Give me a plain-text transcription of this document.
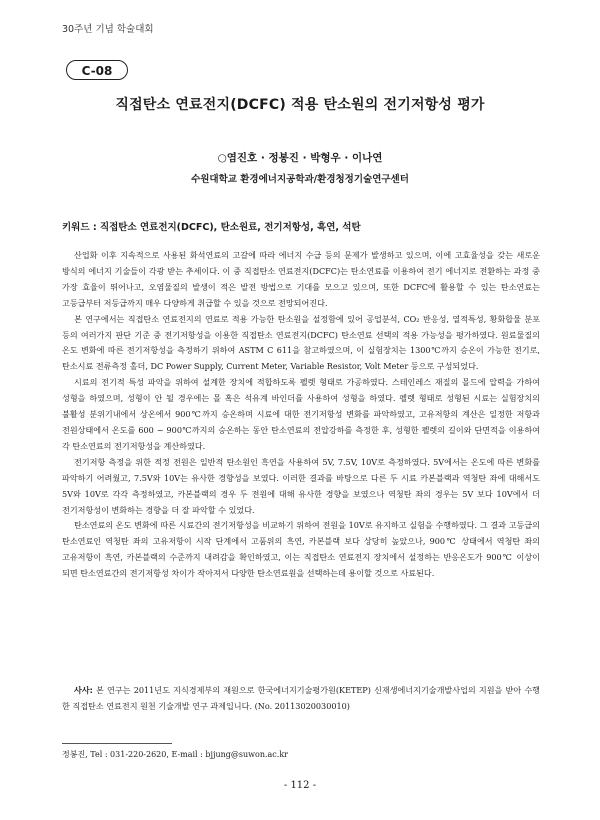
30주년 기념 학술대회
C-08
직접탄소 연료전지(DCFC) 적용 탄소원의 전기저항성 평가
○염진호 · 정봉진 · 박형우 · 이나연
수원대학교 환경에너지공학과/환경청정기술연구센터
키워드 : 직접탄소 연료전지(DCFC), 탄소원료, 전기저항성, 흑연, 석탄

산업화 이후 지속적으로 사용된 화석연료의 고갈에 따라 에너지 수급 등의 문제가 발생하고 있으며, 이에 고효율성을 갖는 새로운 방식의 에너지 기술들이 각광 받는 추세이다. 이 중 직접탄소 연료전지(DCFC)는 탄소연료를 이용하여 전기 에너지로 전환하는 과정 중 가장 효율이 뛰어나고, 오염물질의 발생이 적은 발전 방법으로 기대를 모으고 있으며, 또한 DCFC에 활용할 수 있는 탄소연료는 고등급부터 저등급까지 매우 다양하게 취급할 수 있을 것으로 전망되어진다.

본 연구에서는 직접탄소 연료전지의 연료로 적용 가능한 탄소원을 설정함에 있어 공업분석, CO₂ 반응성, 열적특성, 황화합물 분포 등의 여러가지 판단 기준 중 전기저항성을 이용한 직접탄소 연료전지(DCFC) 탄소연료 선택의 적용 가능성을 평가하였다. 원료물질의 온도 변화에 따른 전기저항성을 측정하기 위하여 ASTM C 611을 참고하였으며, 이 실험장치는 1300℃까지 승온이 가능한 전기로, 탄소시료 전류측정 홀더, DC Power Supply, Current Meter, Variable Resistor, Volt Meter 등으로 구성되었다.

시료의 전기적 특성 파악을 위하여 설계한 장치에 적합하도록 펠렛 형태로 가공하였다. 스테인레스 재질의 몰드에 압력을 가하여 성형을 하였으며, 성형이 안 될 경우에는 몰 혹은 석유계 바인더를 사용하여 성형을 하였다. 펠렛 형태로 성형된 시료는 실험장치의 불활성 분위기내에서 상온에서 900℃까지 승온하며 시료에 대한 전기저항성 변화를 파악하였고, 고유저항의 계산은 일정한 저항과 전원상태에서 온도를 600 ~ 900℃까지의 승온하는 동안 탄소연료의 전압강하를 측정한 후, 성형한 펠렛의 길이와 단면적을 이용하여 각 탄소연료의 전기저항성을 계산하였다.

전기저항 측정을 위한 적정 전원은 일반적 탄소원인 흑연을 사용하여 5V, 7.5V, 10V로 측정하였다. 5V에서는 온도에 따른 변화를 파악하기 어려웠고, 7.5V와 10V는 유사한 경향성을 보였다. 이러한 결과를 바탕으로 다른 두 시료 카본블랙과 역청탄 좌에 대해서도 5V와 10V로 각각 측정하였고, 카본블랙의 경우 두 전원에 대해 유사한 경향을 보였으나 역청탄 좌의 경우는 5V 보다 10V에서 더 전기저항성이 변화하는 경향을 더 잘 파악할 수 있었다.

탄소연료의 온도 변화에 따른 시료간의 전기저항성을 비교하기 위하여 전원을 10V로 유지하고 실험을 수행하였다. 그 결과 고등급의 탄소연료인 역청탄 좌의 고유저항이 시작 단계에서 고품위의 흑연, 카본블랙 보다 상당히 높았으나, 900℃ 상태에서 역청탄 좌의 고유저항이 흑연, 카본블랙의 수준까지 내려감을 확인하였고, 이는 직접탄소 연료전지 장치에서 설정하는 반응온도가 900℃ 이상이 되면 탄소연료간의 전기저항성 차이가 작아져서 다양한 탄소연료원을 선택하는데 용이할 것으로 사료된다.

사사: 본 연구는 2011년도 지식경제부의 재원으로 한국에너지기술평가원(KETEP) 신재생에너지기술개발사업의 지원을 받아 수행한 직접탄소 연료전지 원천 기술개발 연구 과제입니다. (No. 20113020030010)
정봉진, Tel : 031-220-2620, E-mail : bjjung@suwon.ac.kr
- 112 -
